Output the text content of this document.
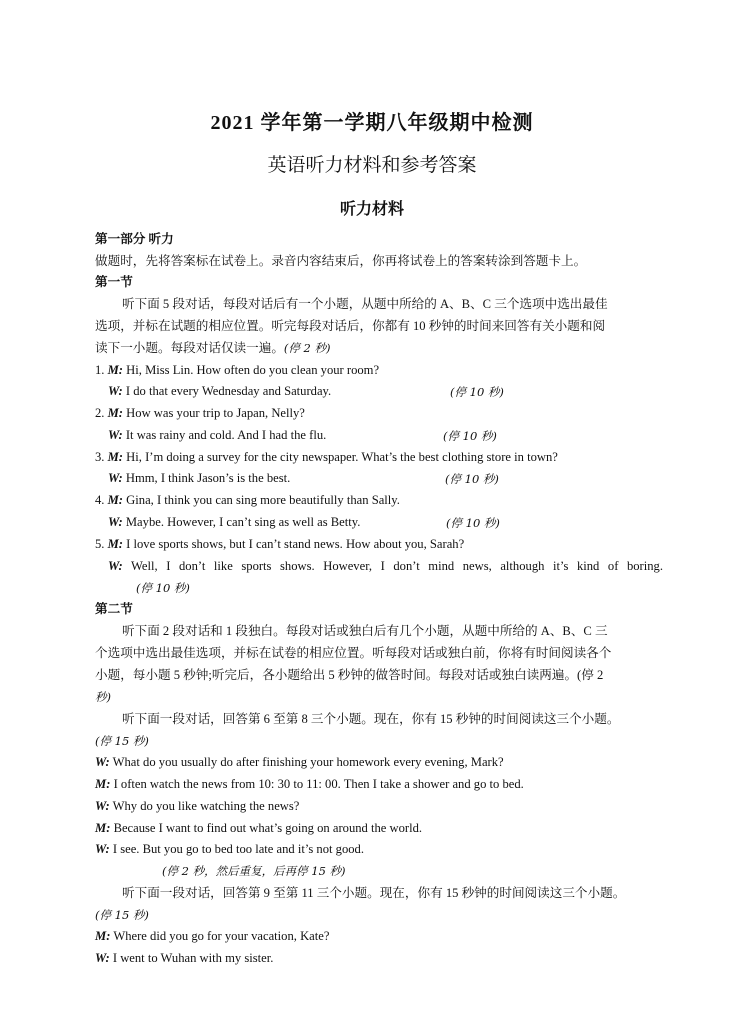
2021 学年第一学期八年级期中检测
英语听力材料和参考答案
听力材料
第一部分 听力
做题时，先将答案标在试卷上。录音内容结束后，你再将试卷上的答案转涂到答题卡上。
第一节
听下面 5 段对话，每段对话后有一个小题，从题中所给的 A、B、C 三个选项中选出最佳
选项，并标在试题的相应位置。听完每段对话后，你都有 10 秒钟的时间来回答有关小题和阅
读下一小题。每段对话仅读一遍。(停 2 秒)
1. M: Hi, Miss Lin. How often do you clean your room?
W: I do that every Wednesday and Saturday.	(停 10 秒)
2. M: How was your trip to Japan, Nelly?
W: It was rainy and cold. And I had the flu.	(停 10 秒)
3. M: Hi, I’m doing a survey for the city newspaper. What’s the best clothing store in town?
W: Hmm, I think Jason’s is the best.	(停 10 秒)
4. M: Gina, I think you can sing more beautifully than Sally.
W: Maybe. However, I can’t sing as well as Betty.	(停 10 秒)
5. M: I love sports shows, but I can’t stand news. How about you, Sarah?
W: Well, I don’t like sports shows. However, I don’t mind news, although it’s kind of boring.
(停 10 秒)
第二节
听下面 2 段对话和 1 段独白。每段对话或独白后有几个小题，从题中所给的 A、B、C 三
个选项中选出最佳选项，并标在试卷的相应位置。听每段对话或独白前，你将有时间阅读各个
小题，每小题 5 秒钟;听完后，各小题给出 5 秒钟的做答时间。每段对话或独白读两遍。(停 2
秒)
听下面一段对话，回答第 6 至第 8 三个小题。现在，你有 15 秒钟的时间阅读这三个小题。
(停 15 秒)
W: What do you usually do after finishing your homework every evening, Mark?
M: I often watch the news from 10: 30 to 11: 00. Then I take a shower and go to bed.
W: Why do you like watching the news?
M: Because I want to find out what’s going on around the world.
W: I see. But you go to bed too late and it’s not good.
(停 2 秒，然后重复，后再停 15 秒)
听下面一段对话，回答第 9 至第 11 三个小题。现在，你有 15 秒钟的时间阅读这三个小题。
(停 15 秒)
M: Where did you go for your vacation, Kate?
W: I went to Wuhan with my sister.
